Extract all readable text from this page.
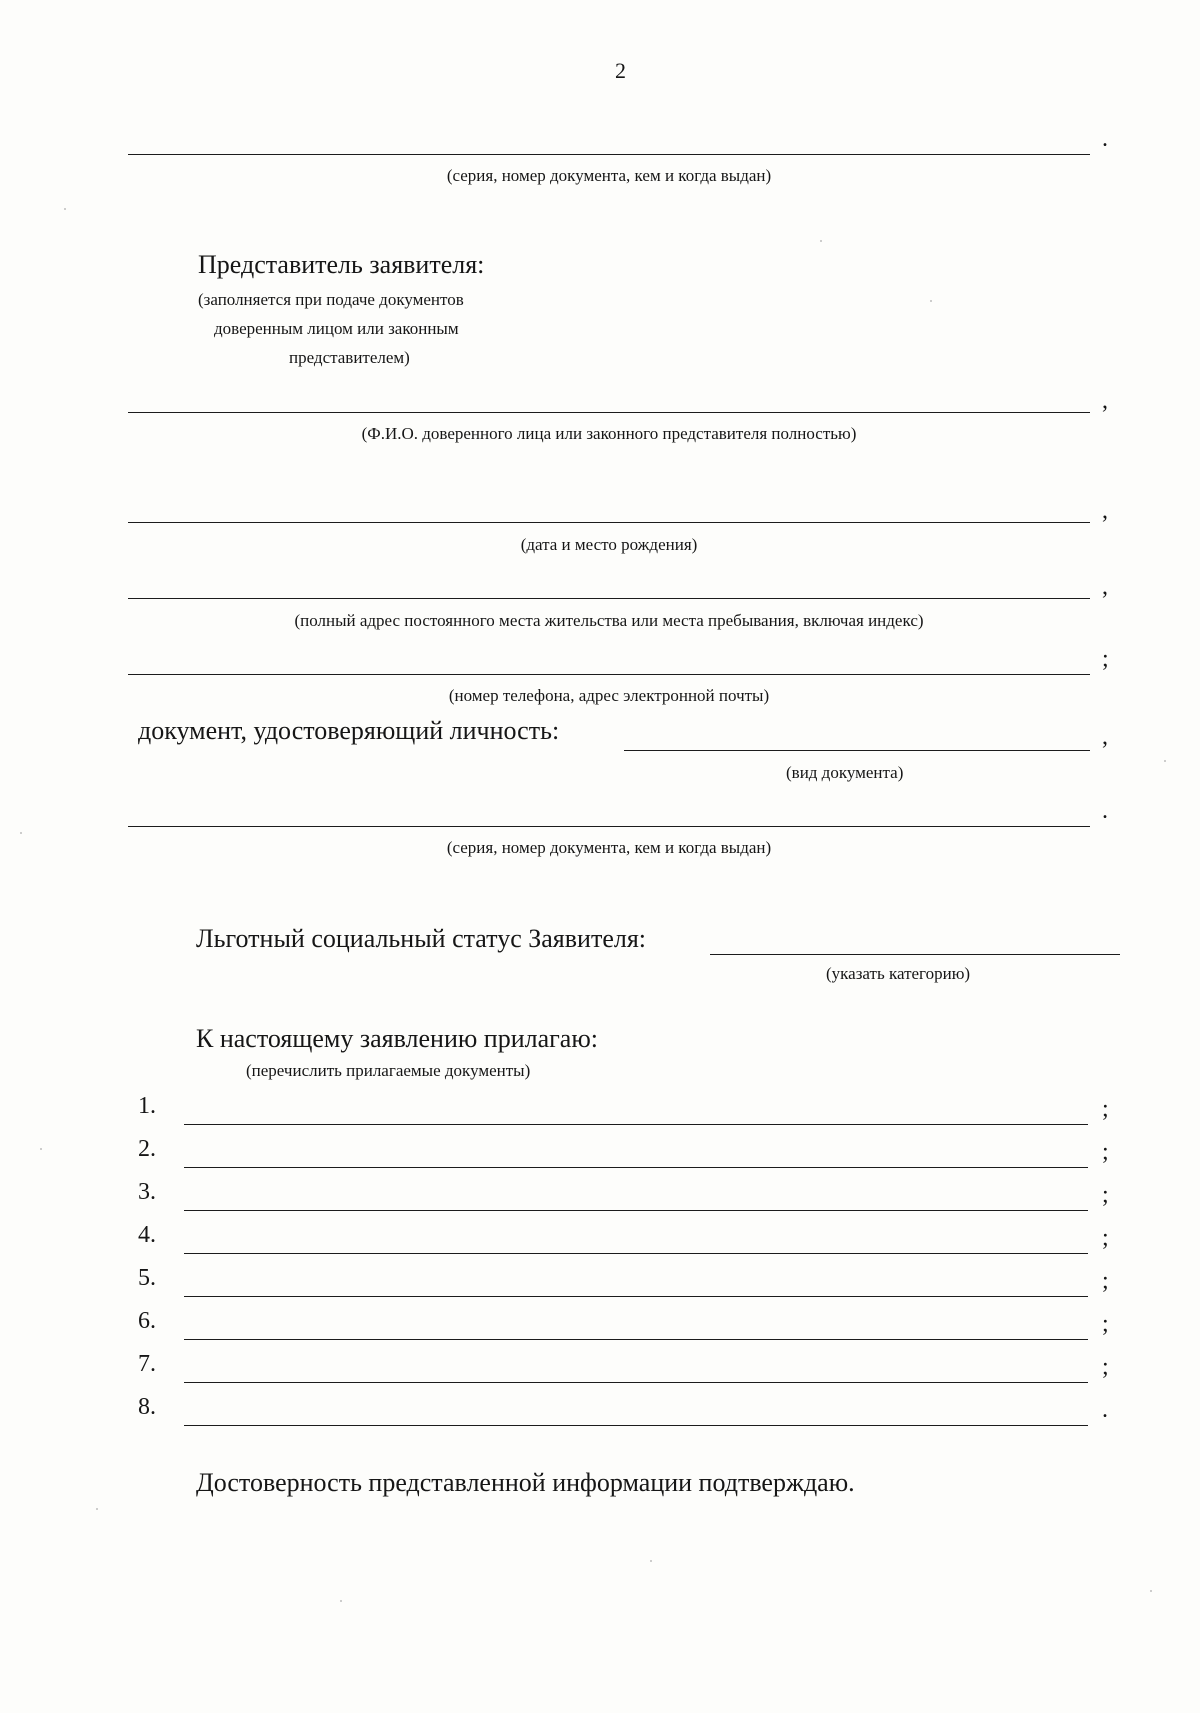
2
.
(серия, номер документа, кем и когда выдан)
Представитель заявителя:
(заполняется при подаче документов
доверенным лицом или законным
представителем)
,
(Ф.И.О. доверенного лица или законного представителя полностью)
,
(дата и место рождения)
,
(полный адрес постоянного места жительства или места пребывания, включая индекс)
;
(номер телефона, адрес электронной почты)
документ, удостоверяющий личность:	,
(вид документа)
.
(серия, номер документа, кем и когда выдан)
Льготный социальный статус Заявителя:
(указать категорию)
К настоящему заявлению прилагаю:
(перечислить прилагаемые документы)
1.	;
2.	;
3.	;
4.	;
5.	;
6.	;
7.	;
8.	.
Достоверность представленной информации подтверждаю.
